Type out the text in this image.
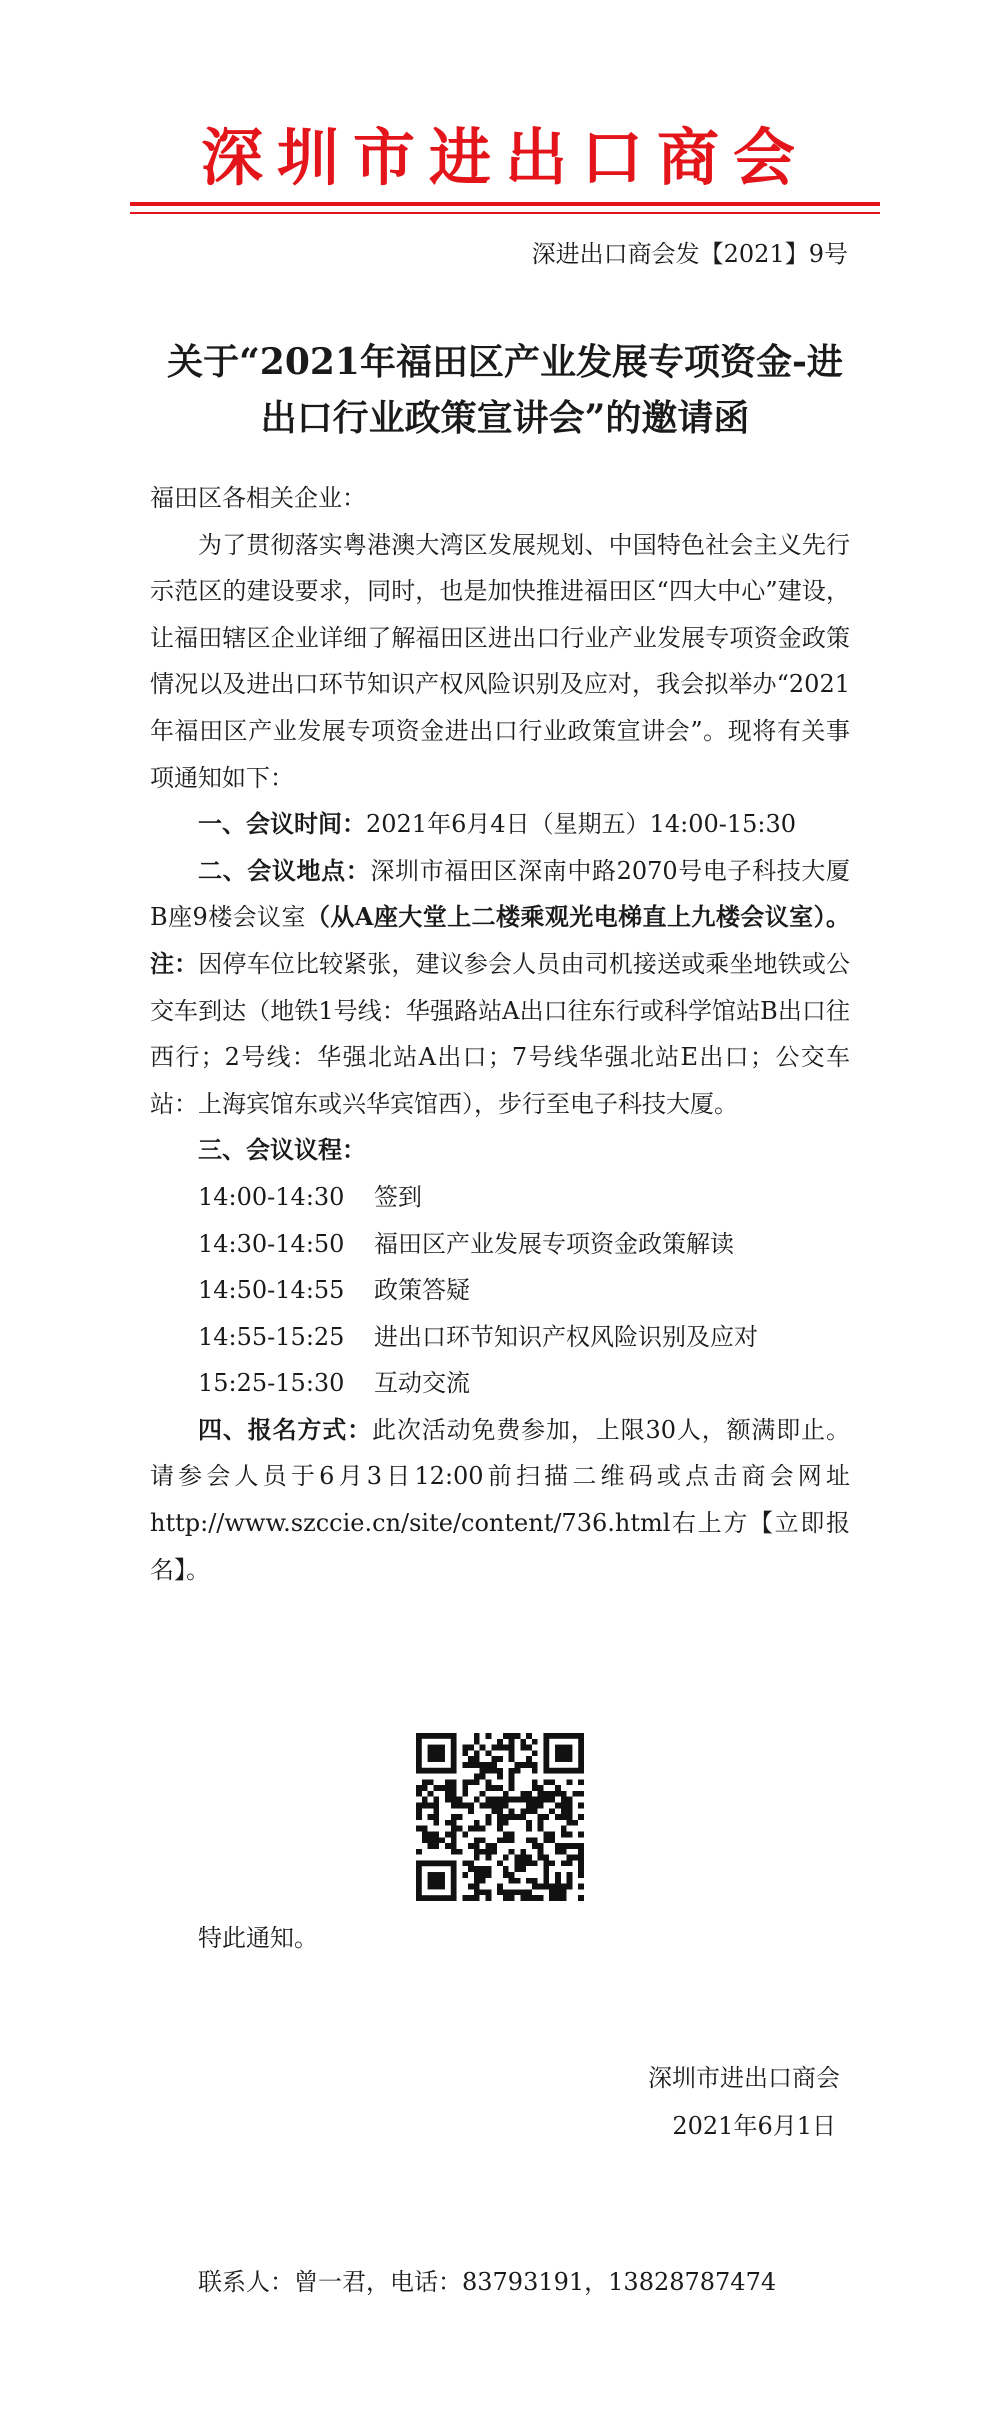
深圳市进出口商会
深进出口商会发【2021】9号
关于“2021年福田区产业发展专项资金-进
出口行业政策宣讲会”的邀请函

福田区各相关企业：

为了贯彻落实粤港澳大湾区发展规划、中国特色社会主义先行示范区的建设要求，同时，也是加快推进福田区“四大中心”建设，让福田辖区企业详细了解福田区进出口行业产业发展专项资金政策情况以及进出口环节知识产权风险识别及应对，我会拟举办“2021年福田区产业发展专项资金进出口行业政策宣讲会”。现将有关事项通知如下：

一、会议时间：2021年6月4日（星期五）14:00-15:30

二、会议地点：深圳市福田区深南中路2070号电子科技大厦B座9楼会议室（从A座大堂上二楼乘观光电梯直上九楼会议室）。注：因停车位比较紧张，建议参会人员由司机接送或乘坐地铁或公交车到达（地铁1号线：华强路站A出口往东行或科学馆站B出口往西行；2号线：华强北站A出口；7号线华强北站E出口；公交车站：上海宾馆东或兴华宾馆西），步行至电子科技大厦。

三、会议议程：

14:00-14:30	签到
14:30-14:50	福田区产业发展专项资金政策解读
14:50-14:55	政策答疑
14:55-15:25	进出口环节知识产权风险识别及应对
15:25-15:30	互动交流

四、报名方式：此次活动免费参加，上限30人，额满即止。请参会人员于6月3日12:00前扫描二维码或点击商会网址http://www.szccie.cn/site/content/736.html右上方【立即报名】。

特此通知。
深圳市进出口商会
2021年6月1日
联系人：曾一君，电话：83793191，13828787474
